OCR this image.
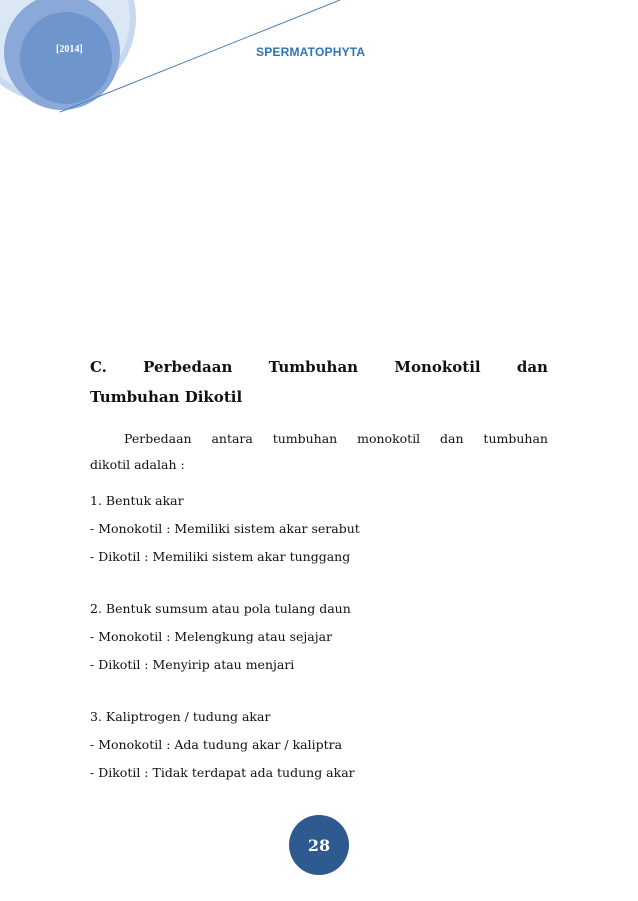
[2014]	SPERMATOPHYTA
C. Perbedaan Tumbuhan Monokotil dan
Tumbuhan Dikotil
Perbedaan antara tumbuhan monokotil dan tumbuhan
dikotil adalah :
1. Bentuk akar
- Monokotil : Memiliki sistem akar serabut
- Dikotil : Memiliki sistem akar tunggang
2. Bentuk sumsum atau pola tulang daun
- Monokotil : Melengkung atau sejajar
- Dikotil : Menyirip atau menjari
3. Kaliptrogen / tudung akar
- Monokotil : Ada tudung akar / kaliptra
- Dikotil : Tidak terdapat ada tudung akar
28
